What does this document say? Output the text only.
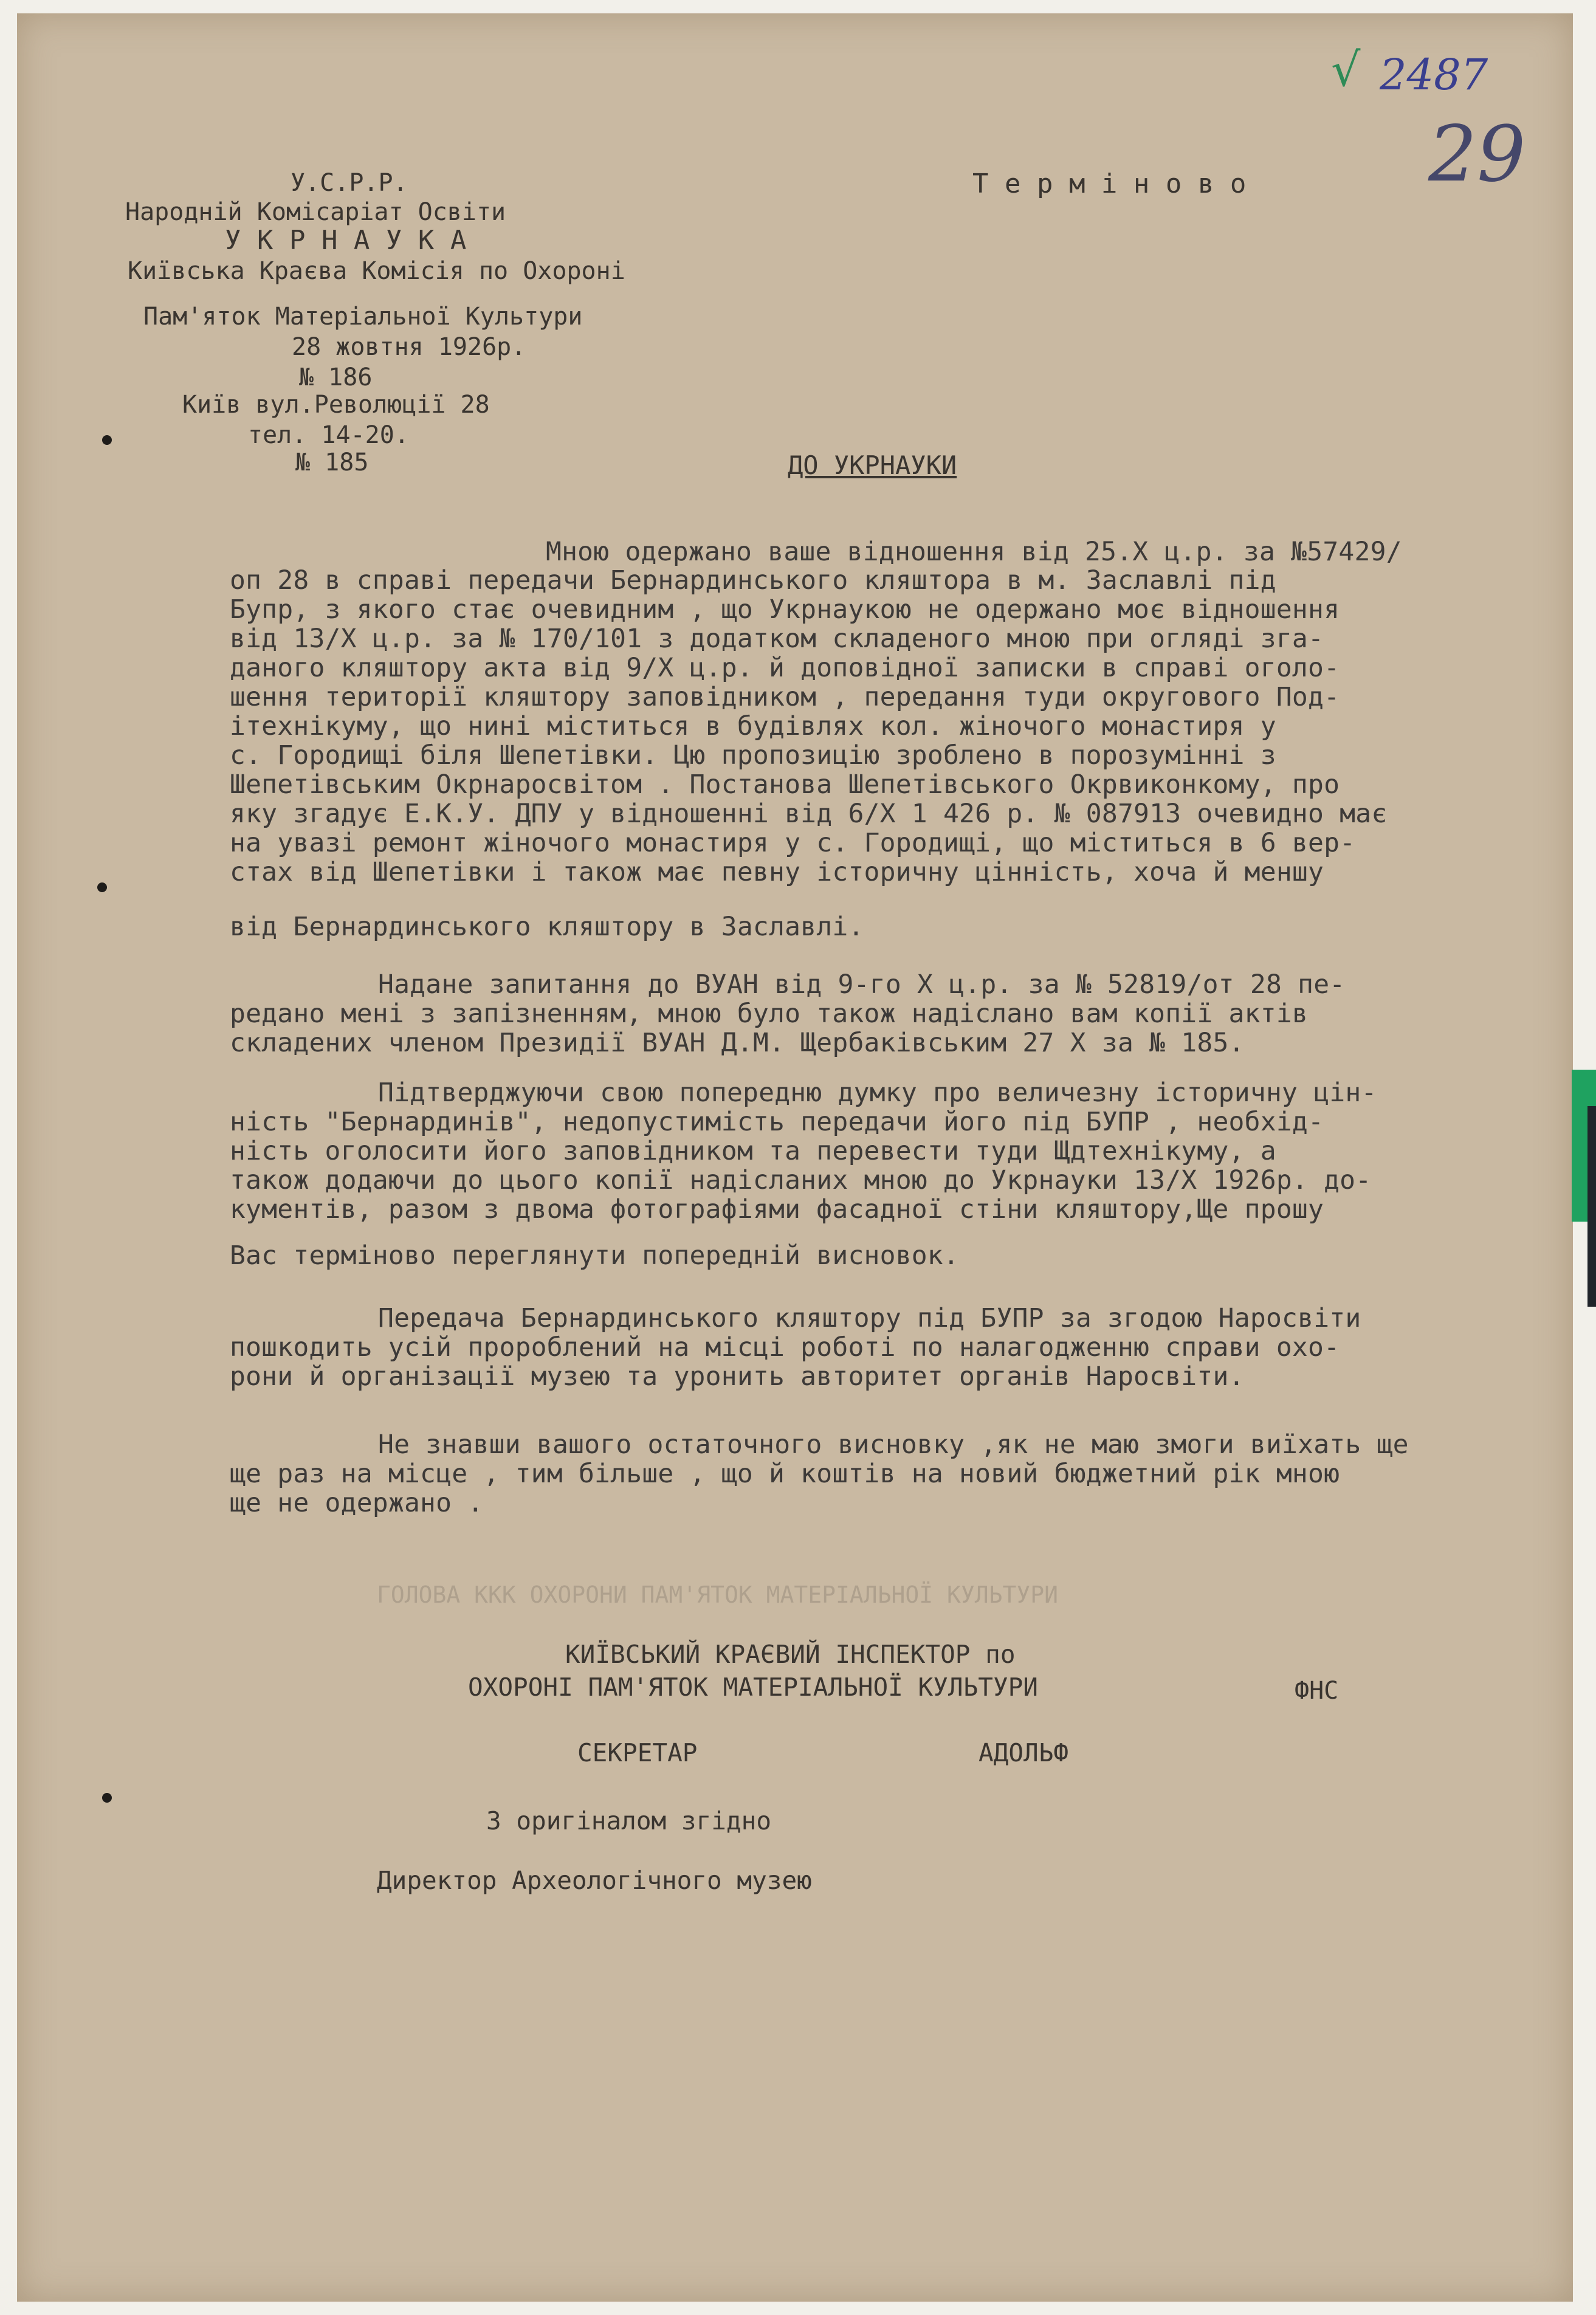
√ 2487
29
У.С.Р.Р.
Народній Комісаріат Освіти
У К Р Н А У К А
Київська Краєва Комісія по Охороні
Пам'яток Матеріальної Культури
28 жовтня 1926р.
№ 186
Київ вул.Революції 28
тел. 14-20.
№ 185
Т е р м і н о в о
ДО УКРНАУКИ
Мною одержано ваше відношення від 25.Х ц.р. за №57429/
оп 28 в справі передачи Бернардинського кляштора в м. Заславлі під
Бупр, з якого стає очевидним , що Укрнаукою не одержано моє відношення
від 13/Х ц.р. за № 170/101 з додатком складеного мною при огляді зга-
даного кляштору акта від 9/Х ц.р. й доповідної записки в справі оголо-
шення території кляштору заповідником , передання туди округового Под-
ітехнікуму, що нині міститься в будівлях кол. жіночого монастиря у
с. Городищі біля Шепетівки. Цю пропозицію зроблено в порозумінні з
Шепетівським Окрнаросвітом . Постанова Шепетівського Окрвиконкому, про
яку згадує Е.К.У. ДПУ у відношенні від 6/Х 1 426 р. № 087913 очевидно має
на увазі ремонт жіночого монастиря у с. Городищі, що міститься в 6 вер-
стах від Шепетівки і також має певну історичну цінність, хоча й меншу
від Бернардинського кляштору в Заславлі.
Надане запитання до ВУАН від 9-го Х ц.р. за № 52819/от 28 пе-
редано мені з запізненням, мною було також надіслано вам копії актів
складених членом Президії ВУАН Д.М. Щербаківським 27 Х за № 185.
Підтверджуючи свою попередню думку про величезну історичну цін-
ність "Бернардинів", недопустимість передачи його під БУПР , необхід-
ність оголосити його заповідником та перевести туди Щдтехнікуму, а
також додаючи до цього копії надісланих мною до Укрнауки 13/Х 1926р. до-
кументів, разом з двома фотографіями фасадної стіни кляштору,Ще прошу
Вас терміново переглянути попередній висновок.
Передача Бернардинського кляштору під БУПР за згодою Наросвіти
пошкодить усій пророблений на місці роботі по налагодженню справи охо-
рони й організації музею та уронить авторитет органів Наросвіти.
Не знавши вашого остаточного висновку ,як не маю змоги виїхать ще
ще раз на місце , тим більше , що й коштів на новий бюджетний рік мною
ще не одержано .
ГОЛОВА ККК ОХОРОНИ ПАМ'ЯТОК МАТЕРІАЛЬНОЇ КУЛЬТУРИ
КИЇВСЬКИЙ КРАЄВИЙ ІНСПЕКТОР по
ОХОРОНІ ПАМ'ЯТОК МАТЕРІАЛЬНОЇ КУЛЬТУРИ	ФНС
СЕКРЕТАР	АДОЛЬФ
З оригіналом згідно
Директор Археологічного музею
